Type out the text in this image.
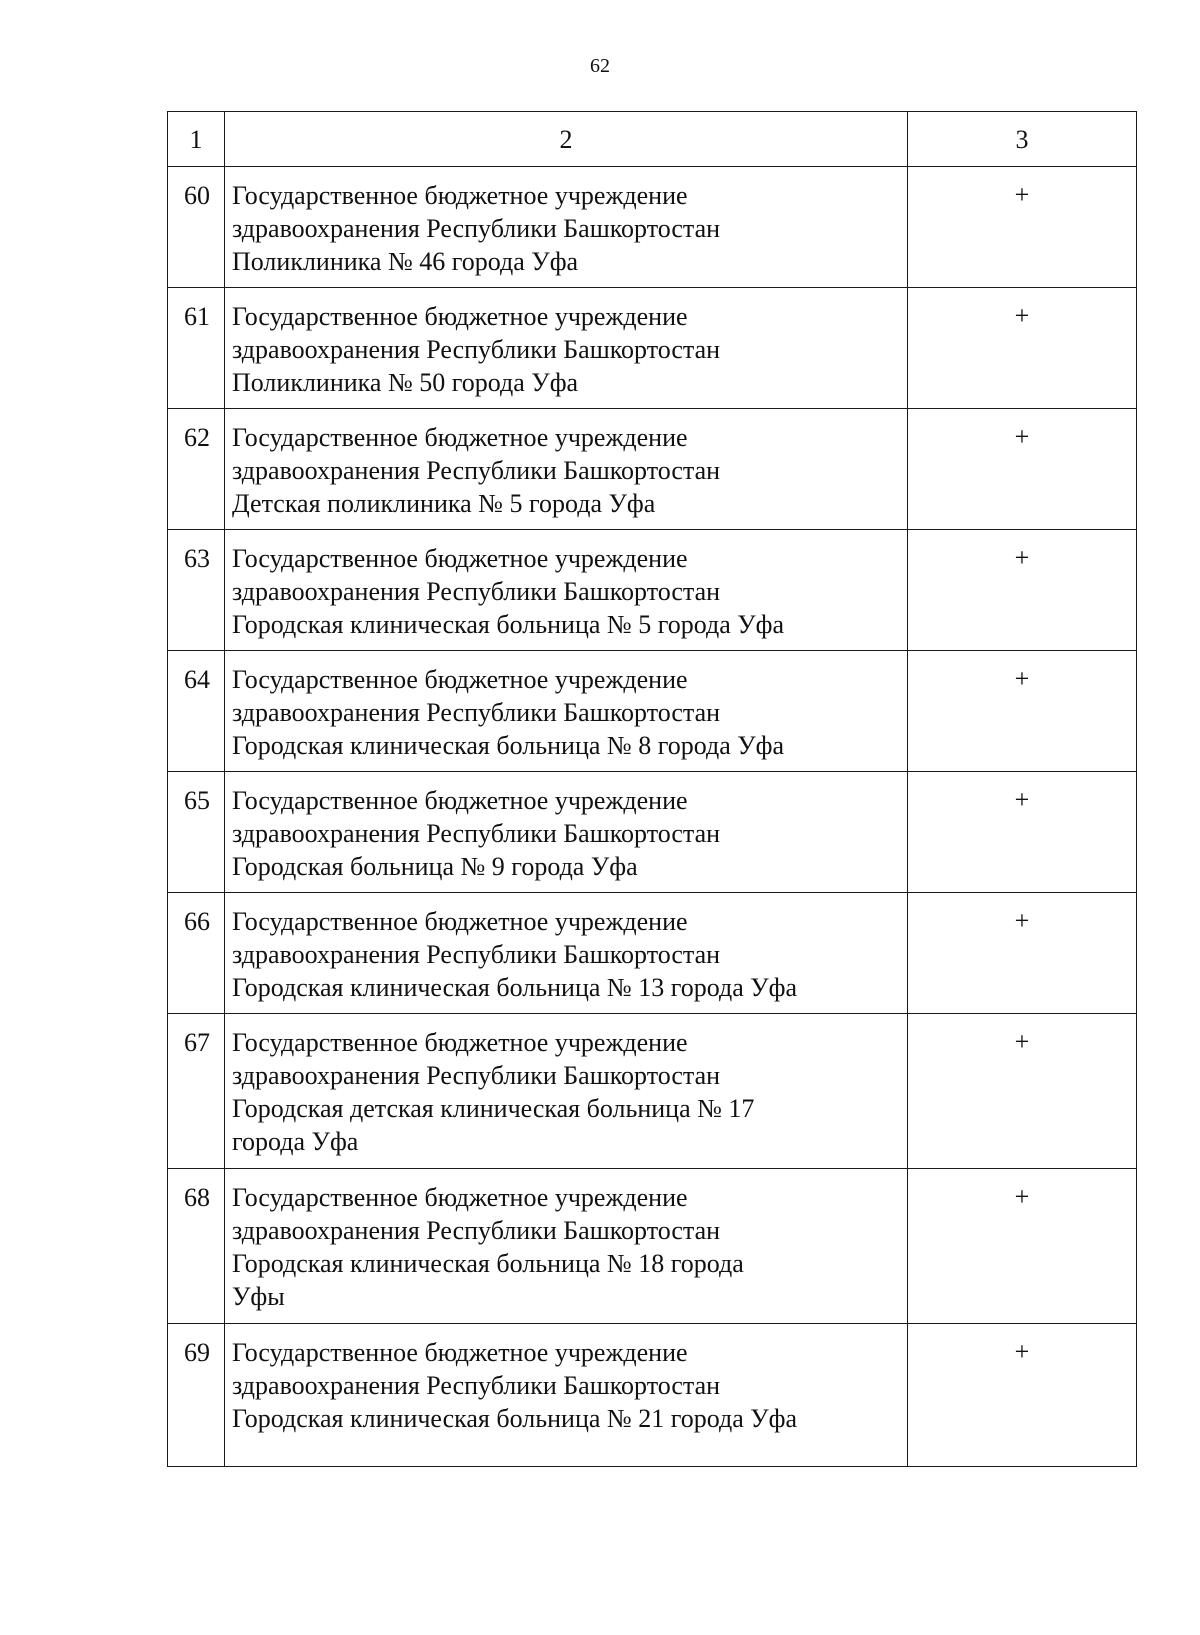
62
1	2	3
60	Государственное бюджетное учреждение
здравоохранения Республики Башкортостан
Поликлиника № 46 города Уфа	+
61	Государственное бюджетное учреждение
здравоохранения Республики Башкортостан
Поликлиника № 50 города Уфа	+
62	Государственное бюджетное учреждение
здравоохранения Республики Башкортостан
Детская поликлиника № 5 города Уфа	+
63	Государственное бюджетное учреждение
здравоохранения Республики Башкортостан
Городская клиническая больница № 5 города Уфа	+
64	Государственное бюджетное учреждение
здравоохранения Республики Башкортостан
Городская клиническая больница № 8 города Уфа	+
65	Государственное бюджетное учреждение
здравоохранения Республики Башкортостан
Городская больница № 9 города Уфа	+
66	Государственное бюджетное учреждение
здравоохранения Республики Башкортостан
Городская клиническая больница № 13 города Уфа	+
67	Государственное бюджетное учреждение
здравоохранения Республики Башкортостан
Городская детская клиническая больница № 17
города Уфа	+
68	Государственное бюджетное учреждение
здравоохранения Республики Башкортостан
Городская клиническая больница № 18 города
Уфы	+
69	Государственное бюджетное учреждение
здравоохранения Республики Башкортостан
Городская клиническая больница № 21 города Уфа	+
